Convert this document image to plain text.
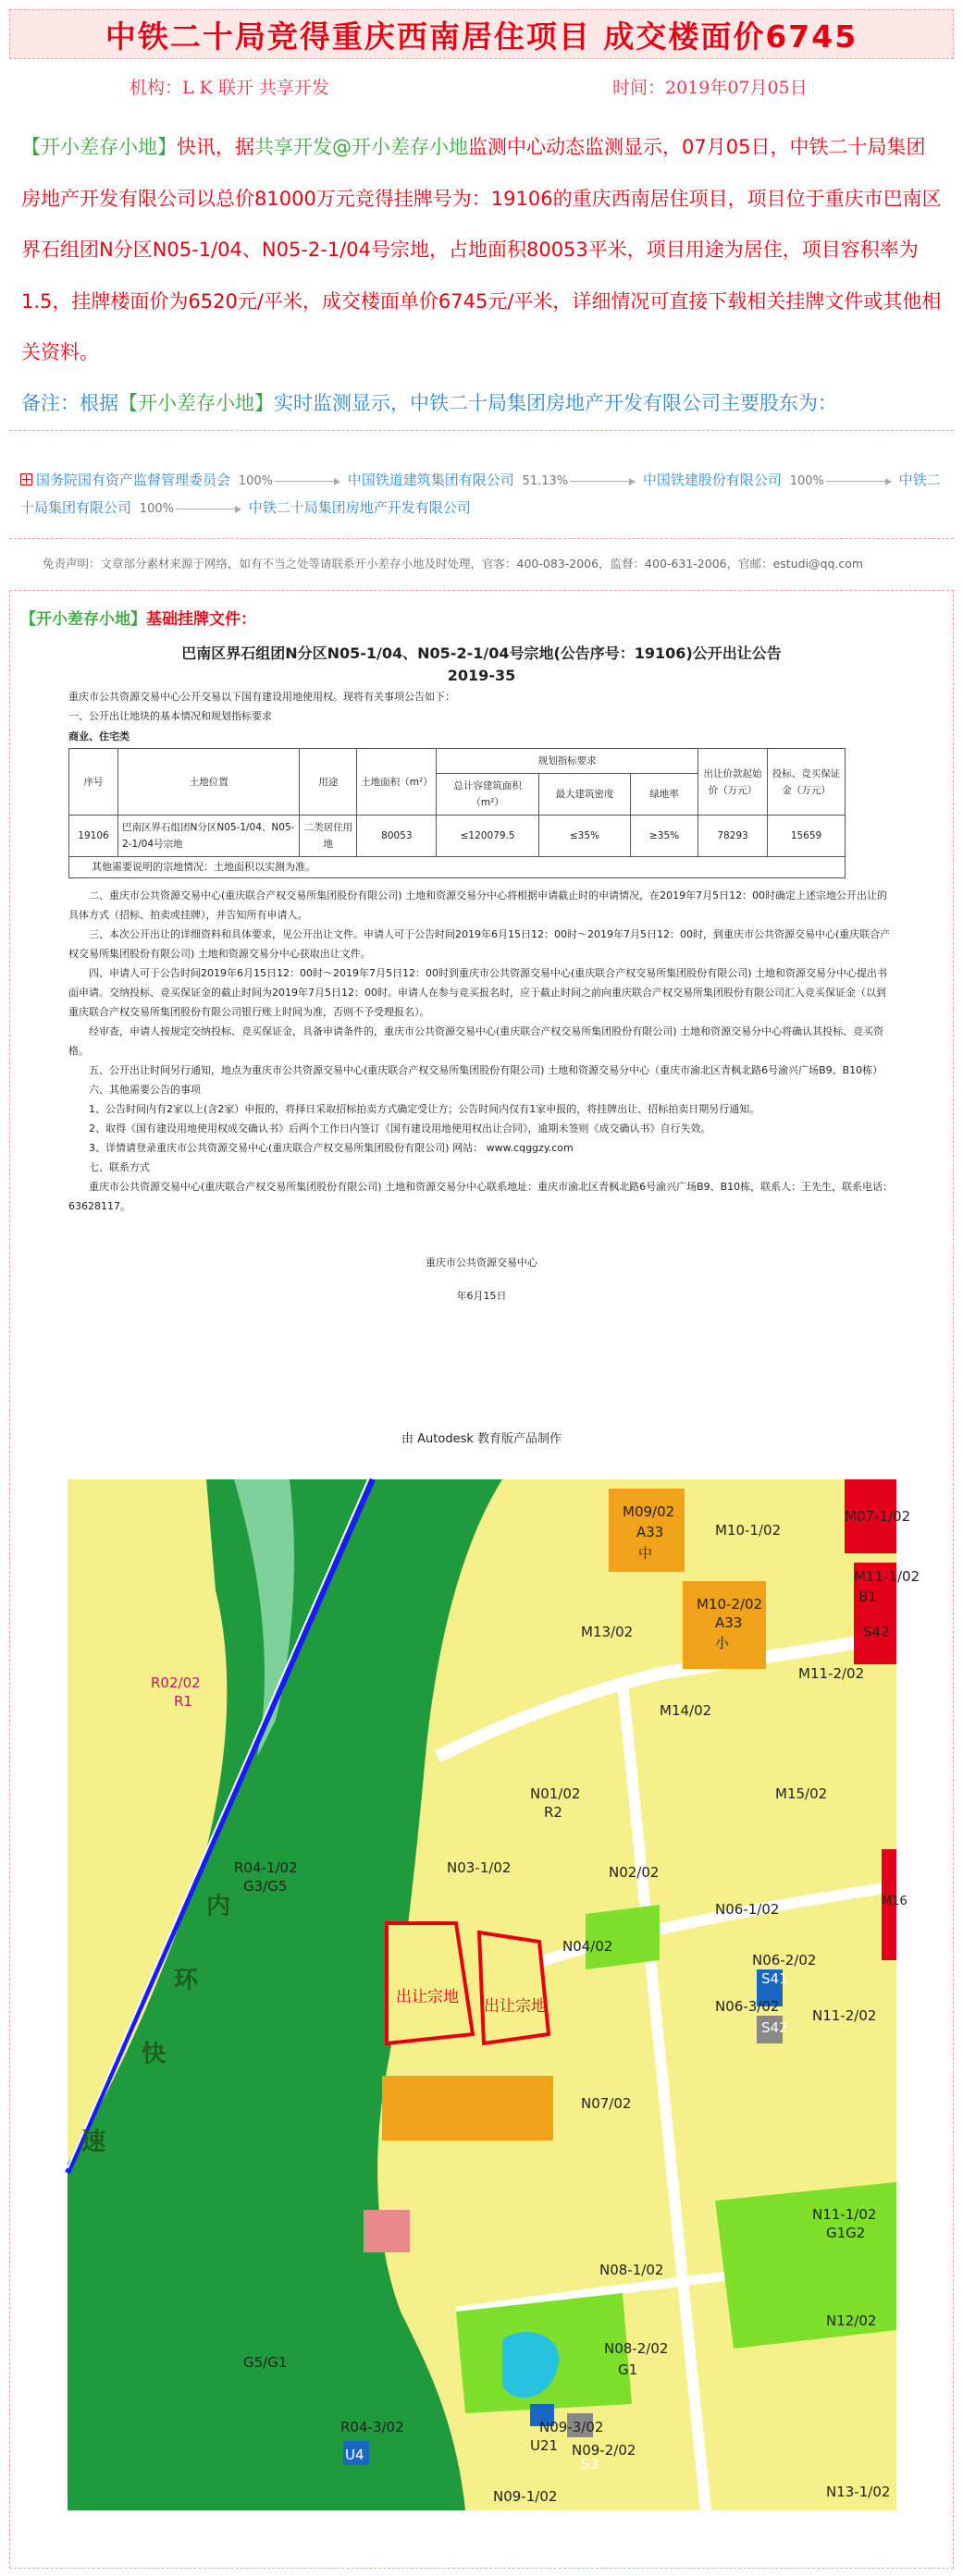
中铁二十局竞得重庆西南居住项目 成交楼面价6745
机构：L K 联开 共享开发	时间：2019年07月05日
【开小差存小地】快讯，据共享开发@开小差存小地监测中心动态监测显示，07月05日，中铁二十局集团房地产开发有限公司以总价81000万元竞得挂牌号为：19106的重庆西南居住项目，项目位于重庆市巴南区界石组团N分区N05-1/04、N05-2-1/04号宗地，占地面积80053平米，项目用途为居住，项目容积率为1.5，挂牌楼面价为6520元/平米，成交楼面单价6745元/平米，详细情况可直接下载相关挂牌文件或其他相关资料。
备注：根据【开小差存小地】实时监测显示，中铁二十局集团房地产开发有限公司主要股东为：
国务院国有资产监督管理委员会 100%	中国铁道建筑集团有限公司 51.13%	中国铁建股份有限公司 100%	中铁二十局集团有限公司 100%	中铁二十局集团房地产开发有限公司
免责声明：文章部分素材来源于网络，如有不当之处等请联系开小差存小地及时处理，官客：400-083-2006，监督：400-631-2006，官邮：estudi@qq.com
【开小差存小地】基础挂牌文件：
巴南区界石组团N分区N05-1/04、N05-2-1/04号宗地(公告序号：19106)公开出让公告
2019-35
重庆市公共资源交易中心公开交易以下国有建设用地使用权。现将有关事项公告如下：
一、公开出让地块的基本情况和规划指标要求
商业、住宅类
序号	土地位置	用途	土地面积（m²）	规划指标要求			出让价款起始价（万元）	投标、竞买保证金（万元）
				总计容建筑面积（m²）	最大建筑密度	绿地率		
19106	巴南区界石组团N分区N05-1/04、N05-2-1/04号宗地	二类居住用地	80053	≤120079.5	≤35%	≥35%	78293	15659
其他需要说明的宗地情况：土地面积以实测为准。
二、重庆市公共资源交易中心(重庆联合产权交易所集团股份有限公司) 土地和资源交易分中心将根据申请截止时的申请情况，在2019年7月5日12：00时确定上述宗地公开出让的具体方式（招标、拍卖或挂牌），并告知所有申请人。
三、本次公开出让的详细资料和具体要求，见公开出让文件。申请人可于公告时间2019年6月15日12：00时～2019年7月5日12：00时，到重庆市公共资源交易中心(重庆联合产权交易所集团股份有限公司) 土地和资源交易分中心获取出让文件。
四、申请人可于公告时间2019年6月15日12：00时～2019年7月5日12：00时到重庆市公共资源交易中心(重庆联合产权交易所集团股份有限公司) 土地和资源交易分中心提出书面申请。交纳投标、竞买保证金的截止时间为2019年7月5日12：00时。申请人在参与竞买报名时，应于截止时间之前向重庆联合产权交易所集团股份有限公司汇入竞买保证金（以到重庆联合产权交易所集团股份有限公司银行账上时间为准，否则不予受理报名）。
经审查，申请人按规定交纳投标、竞买保证金，具备申请条件的，重庆市公共资源交易中心(重庆联合产权交易所集团股份有限公司) 土地和资源交易分中心将确认其投标、竞买资格。
五、公开出让时间另行通知，地点为重庆市公共资源交易中心(重庆联合产权交易所集团股份有限公司) 土地和资源交易分中心（重庆市渝北区青枫北路6号渝兴广场B9、B10栋）
六、其他需要公告的事项
1、公告时间内有2家以上(含2家）申报的，将择日采取招标拍卖方式确定受让方；公告时间内仅有1家申报的，将挂牌出让、招标拍卖日期另行通知。
2、取得《国有建设用地使用权成交确认书》后两个工作日内签订《国有建设用地使用权出让合同》，逾期未签则《成交确认书》自行失效。
3、详情请登录重庆市公共资源交易中心(重庆联合产权交易所集团股份有限公司) 网站： www.cqggzy.com
七、联系方式
重庆市公共资源交易中心(重庆联合产权交易所集团股份有限公司) 土地和资源交易分中心联系地址：重庆市渝北区青枫北路6号渝兴广场B9、B10栋，联系人：王先生，联系电话：63628117。
重庆市公共资源交易中心
年6月15日
由 Autodesk 教育版产品制作
M09/02
A33
中
M10-1/02
M10-2/02
A33
小
M07-1/02
M11-1/02
B1
S42
M11-2/02
M13/02
M14/02
M15/02
M16
R02/02
R1
R04-1/02
G3/G5
N01/02
R2
N03-1/02	N02/02
N04/02
N06-1/02
N06-2/02
S41
N06-3/02
S42
N11-2/02
N07/02
N11-1/02
G1G2
N08-1/02
N08-2/02
G1
N12/02
N09-3/02
U21 N09-2/02
S3
R04-3/02
U4
N09-1/02	N13-1/02
G5/G1
出让宗地 出让宗地
内
环
快
速
